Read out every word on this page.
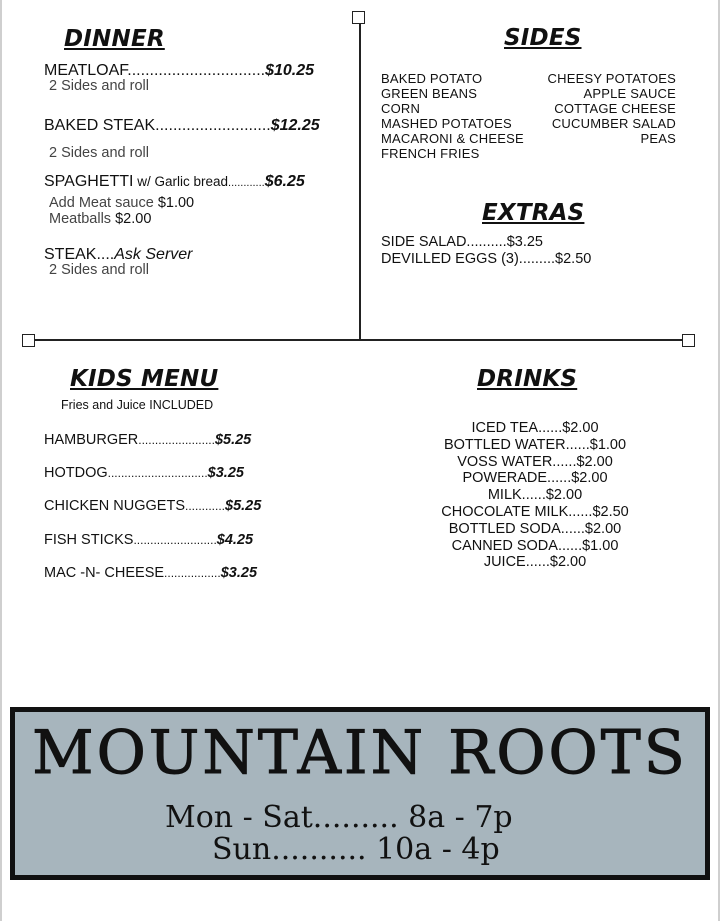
DINNER
MEATLOAF...............................$10.25
2 Sides and roll
BAKED STEAK..........................$12.25
2 Sides and roll
SPAGHETTI w/ Garlic bread............$6.25
Add Meat sauce $1.00
Meatballs $2.00
STEAK....Ask Server
2 Sides and roll
SIDES
BAKED POTATO
GREEN BEANS
CORN
MASHED POTATOES
MACARONI & CHEESE
FRENCH FRIES
CHEESY POTATOES
APPLE SAUCE
COTTAGE CHEESE
CUCUMBER SALAD
PEAS
EXTRAS
SIDE SALAD..........$3.25
DEVILLED EGGS (3).........$2.50
KIDS MENU
Fries and Juice INCLUDED
HAMBURGER.......................$5.25
HOTDOG..............................$3.25
CHICKEN NUGGETS............$5.25
FISH STICKS.........................$4.25
MAC -N- CHEESE.................$3.25
DRINKS
ICED TEA......$2.00
BOTTLED WATER......$1.00
VOSS WATER......$2.00
POWERADE......$2.00
MILK......$2.00
CHOCOLATE MILK......$2.50
BOTTLED SODA......$2.00
CANNED SODA......$1.00
JUICE......$2.00
MOUNTAIN ROOTS
Mon - Sat......... 8a - 7p
Sun.......... 10a - 4p
